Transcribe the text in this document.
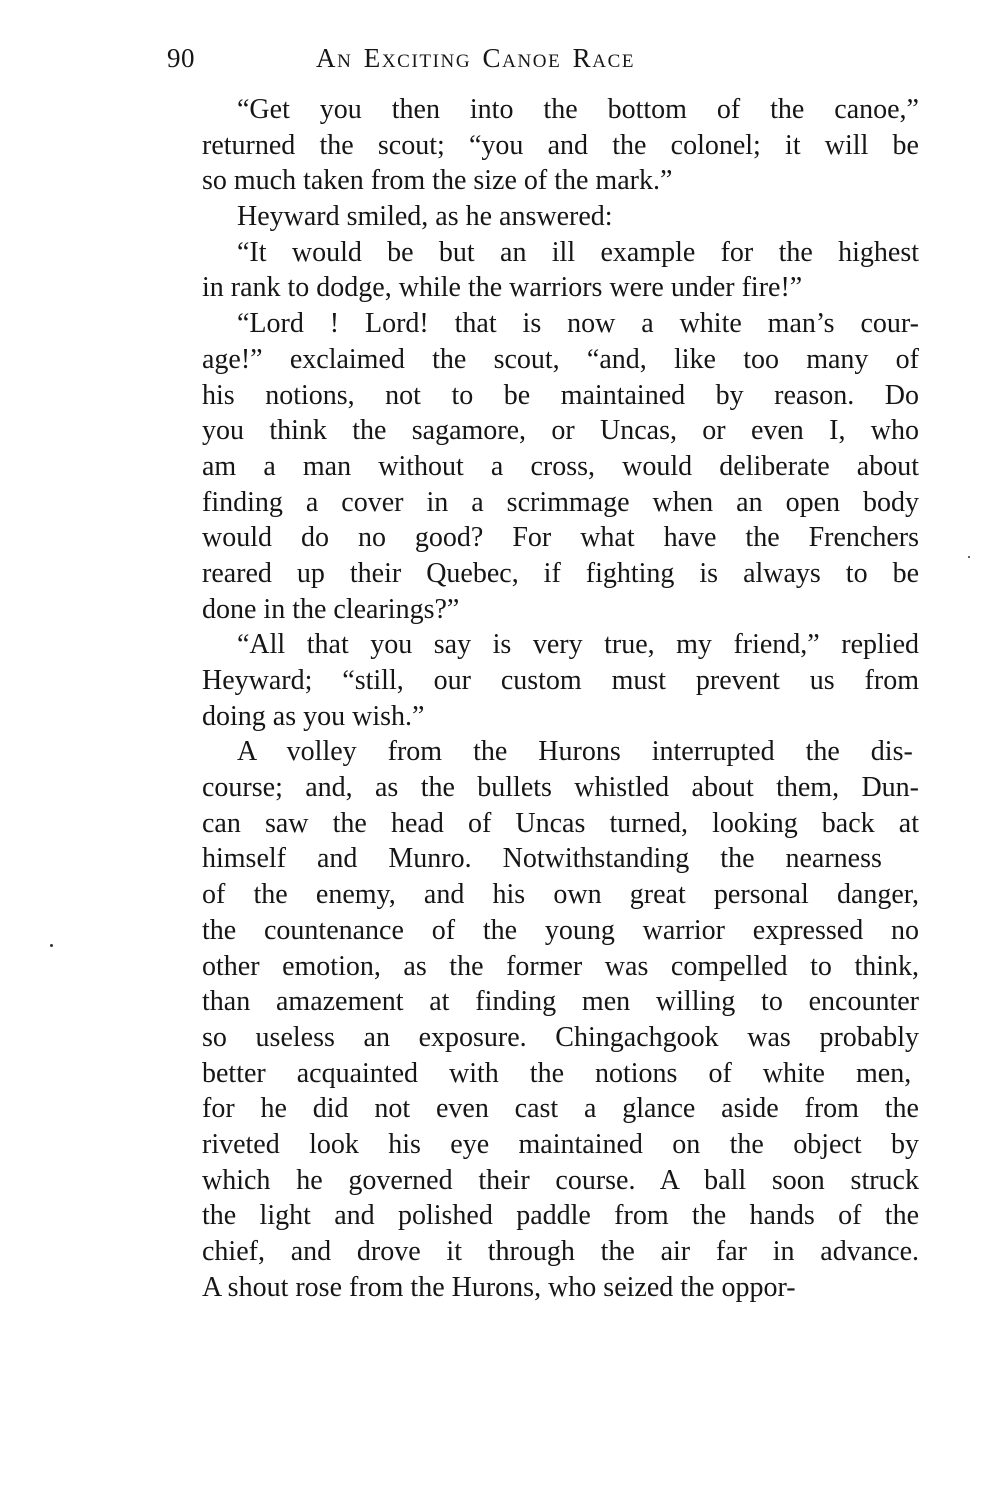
90	An Exciting Canoe Race
“Get you then into the bottom of the canoe,”
returned the scout; “you and the colonel; it will be
so much taken from the size of the mark.”
Heyward smiled, as he answered:
“It would be but an ill example for the highest
in rank to dodge, while the warriors were under fire!”
“Lord ! Lord! that is now a white man’s cour-
age!” exclaimed the scout, “and, like too many of
his notions, not to be maintained by reason. Do
you think the sagamore, or Uncas, or even I, who
am a man without a cross, would deliberate about
finding a cover in a scrimmage when an open body
would do no good? For what have the Frenchers
reared up their Quebec, if fighting is always to be
done in the clearings?”
“All that you say is very true, my friend,” replied
Heyward; “still, our custom must prevent us from
doing as you wish.”
A volley from the Hurons interrupted the dis-
course; and, as the bullets whistled about them, Dun-
can saw the head of Uncas turned, looking back at
himself and Munro. Notwithstanding the nearness
of the enemy, and his own great personal danger,
the countenance of the young warrior expressed no
other emotion, as the former was compelled to think,
than amazement at finding men willing to encounter
so useless an exposure. Chingachgook was probably
better acquainted with the notions of white men,
for he did not even cast a glance aside from the
riveted look his eye maintained on the object by
which he governed their course. A ball soon struck
the light and polished paddle from the hands of the
chief, and drove it through the air far in advance.
A shout rose from the Hurons, who seized the oppor-
